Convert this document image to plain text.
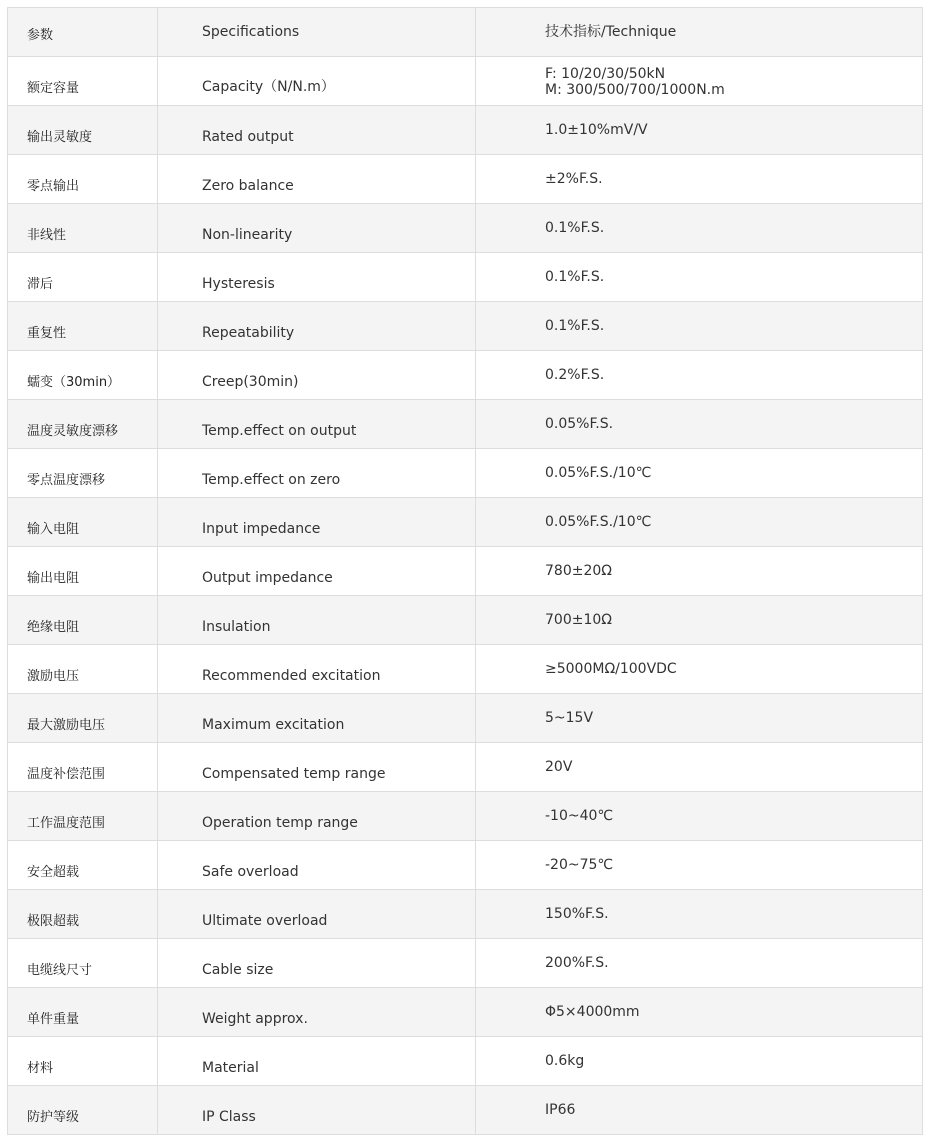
参数	Specifications	技术指标/Technique

额定容量	Capacity（N/N.m）	F: 10/20/30/50kN
M: 300/500/700/1000N.m

输出灵敏度	Rated output	1.0±10%mV/V

零点输出	Zero balance	±2%F.S.

非线性	Non-linearity	0.1%F.S.

滞后	Hysteresis	0.1%F.S.

重复性	Repeatability	0.1%F.S.

蠕变（30min）	Creep(30min)	0.2%F.S.

温度灵敏度漂移	Temp.effect on output	0.05%F.S.

零点温度漂移	Temp.effect on zero	0.05%F.S./10℃

输入电阻	Input impedance	0.05%F.S./10℃

输出电阻	Output impedance	780±20Ω

绝缘电阻	Insulation	700±10Ω

激励电压	Recommended excitation	≥5000MΩ/100VDC

最大激励电压	Maximum excitation	5~15V

温度补偿范围	Compensated temp range	20V

工作温度范围	Operation temp range	-10~40℃

安全超载	Safe overload	-20~75℃

极限超载	Ultimate overload	150%F.S.

电缆线尺寸	Cable size	200%F.S.

单件重量	Weight approx.	Φ5×4000mm

材料	Material	0.6kg

防护等级	IP Class	IP66
